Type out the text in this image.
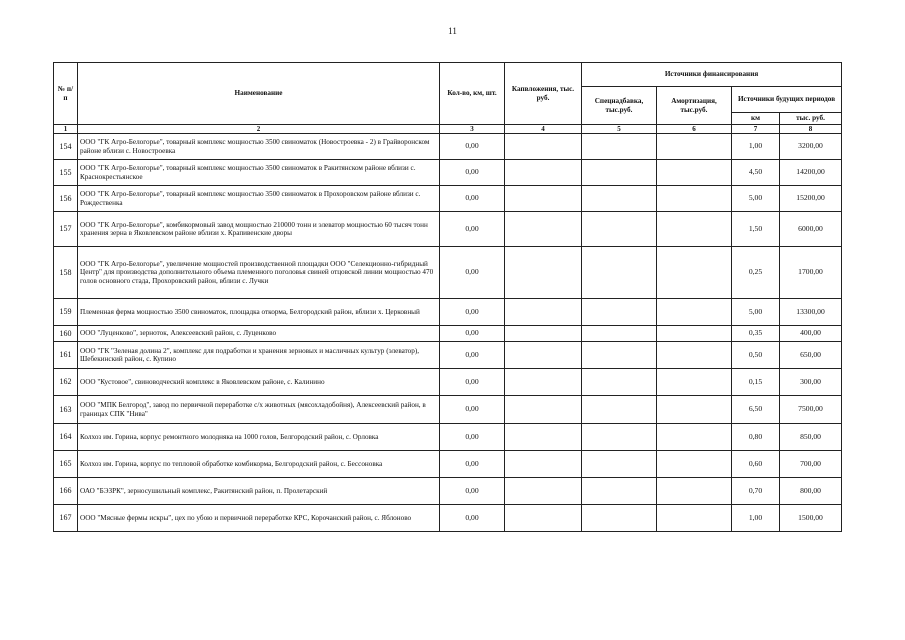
11
№ п/п	Наименование	Кол-во, км, шт.	Капвложения, тыс. руб.	Источники финансирования			
				Спецнадбавка, тыс.руб.	Амортизация, тыс.руб.	Источники будущих периодов	
						км	тыс. руб.
1	2	3	4	5	6	7	8
154	ООО "ГК Агро-Белогорье", товарный комплекс мощностью 3500 свиноматок (Новостроевка - 2) в Грайворонском районе вблизи с. Новостроевка	0,00				1,00	3200,00
155	ООО "ГК Агро-Белогорье", товарный комплекс мощностью 3500 свиноматок в Ракитянском районе вблизи с. Краснокрестьянское	0,00				4,50	14200,00
156	ООО "ГК Агро-Белогорье", товарный комплекс мощностью 3500 свиноматок в Прохоровском районе вблизи с. Рождественка	0,00				5,00	15200,00
157	ООО "ГК Агро-Белогорье", комбикормовый завод мощностью 210000 тонн и элеватор мощностью 60 тысяч тонн хранения зерна в Яковлевском районе вблизи х. Крапивенские дворы	0,00				1,50	6000,00
158	ООО "ГК Агро-Белогорье", увеличение мощностей производственной площадки ООО "Селекционно-гибридный Центр" для производства дополнительного объема племенного поголовья свиней отцовской линии мощностью 470 голов основного стада, Прохоровский район, вблизи с. Лучки	0,00				0,25	1700,00
159	Племенная ферма мощностью 3500 свиноматок, площадка откорма, Белгородский район, вблизи х. Церковный	0,00				5,00	13300,00
160	ООО "Луценково", зерноток, Алексеевский район, с. Луценково	0,00				0,35	400,00
161	ООО "ГК "Зеленая долина 2", комплекс для подработки и хранения зерновых и масличных культур (элеватор), Шебекинский район, с. Купино	0,00				0,50	650,00
162	ООО "Кустовое", свиноводческий комплекс в Яковлевском районе, с. Калинино	0,00				0,15	300,00
163	ООО "МПК Белгород", завод по первичной переработке с/х животных (мясохладобойня), Алексеевский район, в границах СПК "Нива"	0,00				6,50	7500,00
164	Колхоз им. Горина, корпус ремонтного молодняка на 1000 голов, Белгородский район, с. Орловка	0,00				0,80	850,00
165	Колхоз им. Горина, корпус по тепловой обработке комбикорма, Белгородский район, с. Бессоновка	0,00				0,60	700,00
166	ОАО "БЭЗРК", зерносушильный комплекс, Ракитянский район, п. Пролетарский	0,00				0,70	800,00
167	ООО "Мясные фермы искры", цех по убою и первичной переработке КРС, Корочанский район, с. Яблоново	0,00				1,00	1500,00
